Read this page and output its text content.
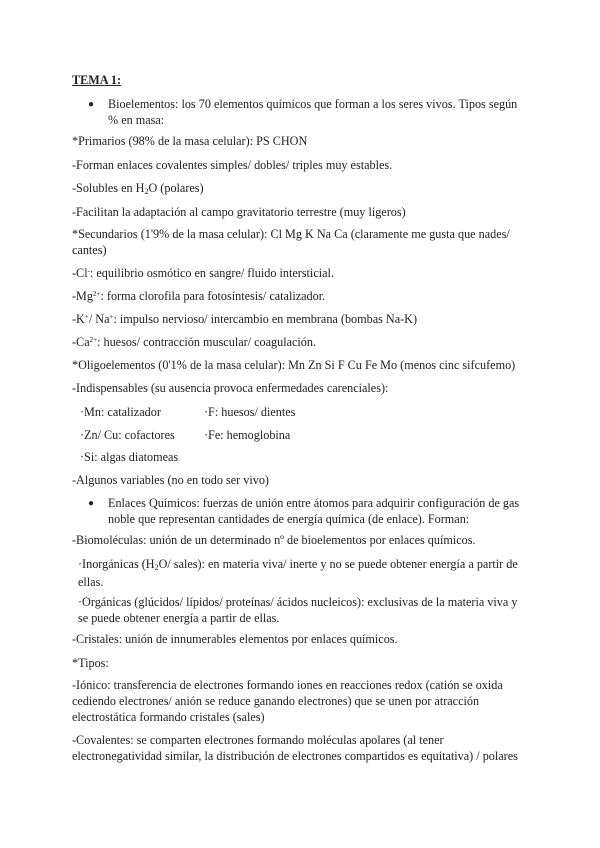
TEMA 1:
● Bioelementos: los 70 elementos químicos que forman a los seres vivos. Tipos según % en masa:
*Primarios (98% de la masa celular): PS CHON
-Forman enlaces covalentes simples/ dobles/ triples muy estables.
-Solubles en H2O (polares)
-Facilitan la adaptación al campo gravitatorio terrestre (muy ligeros)
*Secundarios (1'9% de la masa celular): Cl Mg K Na Ca (claramente me gusta que nades/ cantes)
-Cl-: equilibrio osmótico en sangre/ fluido intersticial.
$-Mg^{2+}$: forma clorofila para fotosíntesis/ catalizador.
-K+/ Na+: impulso nervioso/ intercambio en membrana (bombas Na-K)
$-Ca^{2+}$: huesos/ contracción muscular/ coagulación.
*Oligoelementos (0'1% de la masa celular): Mn Zn Si F Cu Fe Mo (menos cinc sifcufemo)
-Indispensables (su ausencia provoca enfermedades carenciales):
·Mn: catalizador	·F: huesos/ dientes
·Zn/ Cu: cofactores	·Fe: hemoglobina
·Si: algas diatomeas
-Algunos variables (no en todo ser vivo)
● Enlaces Químicos: fuerzas de unión entre átomos para adquirir configuración de gas noble que representan cantidades de energía química (de enlace). Forman:
-Biomoléculas: unión de un determinado nº de bioelementos por enlaces químicos.
·Inorgánicas (H2O/ sales): en materia viva/ inerte y no se puede obtener energía a partir de ellas.
·Orgánicas (glúcidos/ lípidos/ proteínas/ ácidos nucleicos): exclusivas de la materia viva y se puede obtener energía a partir de ellas.
-Cristales: unión de innumerables elementos por enlaces químicos.
*Tipos:
-Iónico: transferencia de electrones formando iones en reacciones redox (catión se oxida cediendo electrones/ anión se reduce ganando electrones) que se unen por atracción electrostática formando cristales (sales)
-Covalentes: se comparten electrones formando moléculas apolares (al tener electronegatividad similar, la distribución de electrones compartidos es equitativa) / polares
